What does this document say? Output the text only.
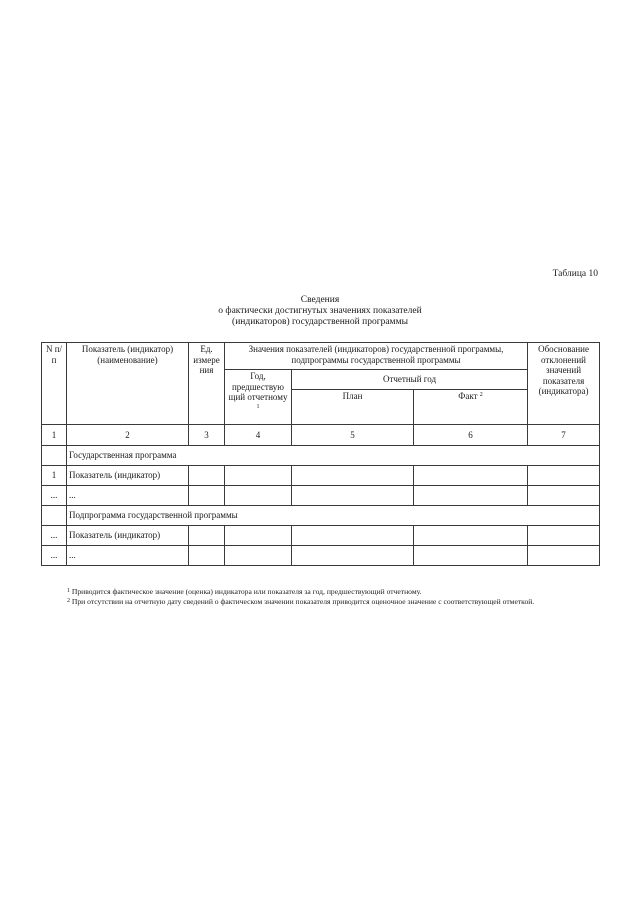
Таблица 10
Сведения
о фактически достигнутых значениях показателей
(индикаторов) государственной программы
N п/п	Показатель (индикатор) (наименование)	Ед. измере ния	Значения показателей (индикаторов) государственной программы, подпрограммы государственной программы			Обоснование отклонений значений показателя (индикатора)
			Год, предшествую щий отчетному $^1$	Отчетный год		
				План	Факт $^2$
1	2	3	4	5	6	7
	Государственная программа					
1	Показатель (индикатор)					
...	...					
	Подпрограмма государственной программы					
...	Показатель (индикатор)					
...	...					
$^1$ Приводится фактическое значение (оценка) индикатора или показателя за год, предшествующий отчетному.
$^2$ При отсутствии на отчетную дату сведений о фактическом значении показателя приводится оценочное значение с соответствующей отметкой.
